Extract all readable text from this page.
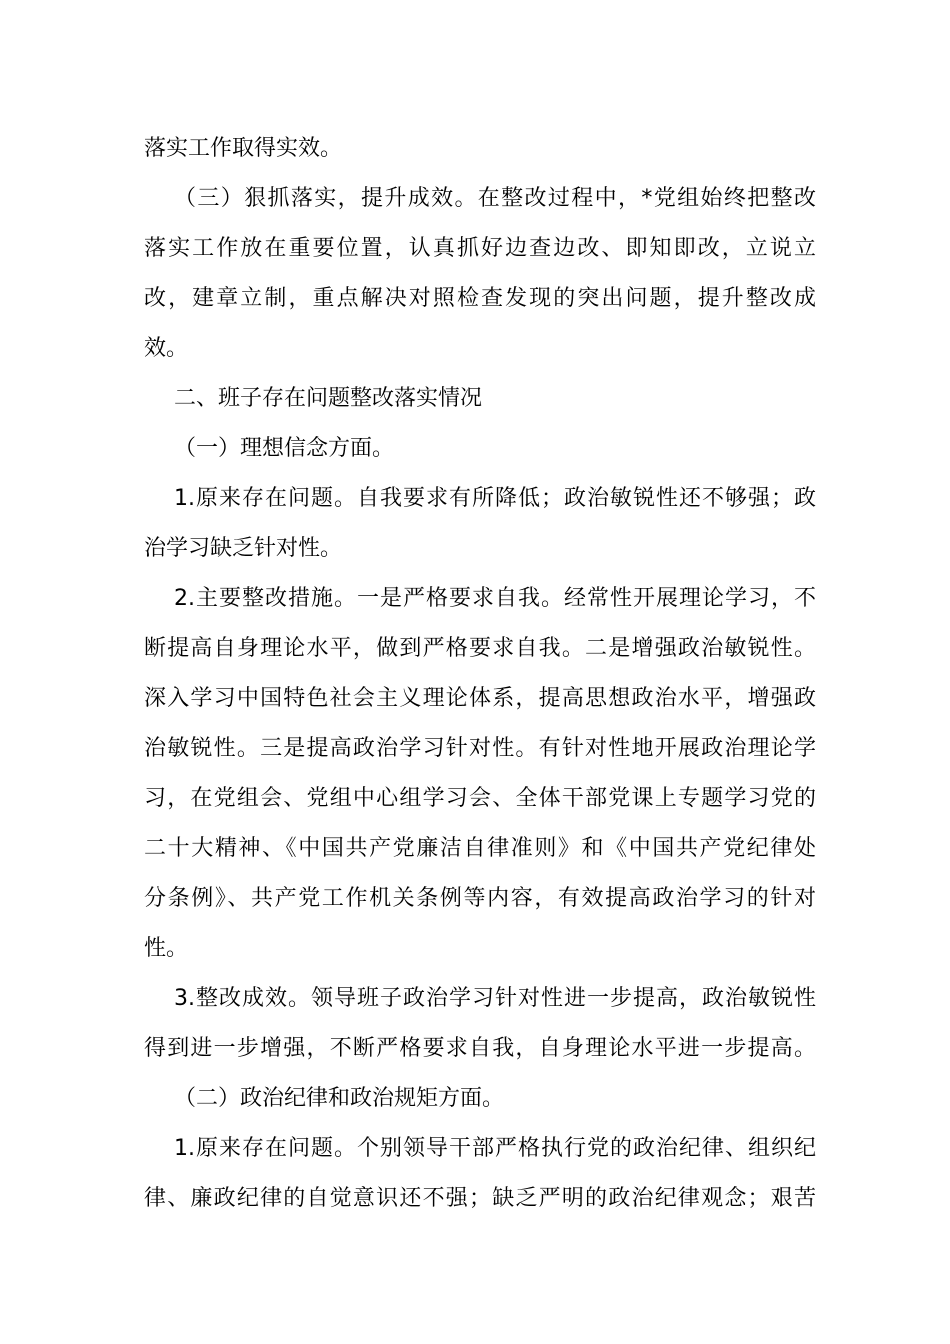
落实工作取得实效。
（三）狠抓落实，提升成效。在整改过程中，*党组始终把整改
落实工作放在重要位置，认真抓好边查边改、即知即改，立说立
改，建章立制，重点解决对照检查发现的突出问题，提升整改成
效。
二、班子存在问题整改落实情况
（一）理想信念方面。
1.原来存在问题。自我要求有所降低；政治敏锐性还不够强；政
治学习缺乏针对性。
2.主要整改措施。一是严格要求自我。经常性开展理论学习，不
断提高自身理论水平，做到严格要求自我。二是增强政治敏锐性。
深入学习中国特色社会主义理论体系，提高思想政治水平，增强政
治敏锐性。三是提高政治学习针对性。有针对性地开展政治理论学
习，在党组会、党组中心组学习会、全体干部党课上专题学习党的
二十大精神、《中国共产党廉洁自律准则》和《中国共产党纪律处
分条例》、共产党工作机关条例等内容，有效提高政治学习的针对
性。
3.整改成效。领导班子政治学习针对性进一步提高，政治敏锐性
得到进一步增强，不断严格要求自我，自身理论水平进一步提高。
（二）政治纪律和政治规矩方面。
1.原来存在问题。个别领导干部严格执行党的政治纪律、组织纪
律、廉政纪律的自觉意识还不强；缺乏严明的政治纪律观念；艰苦
